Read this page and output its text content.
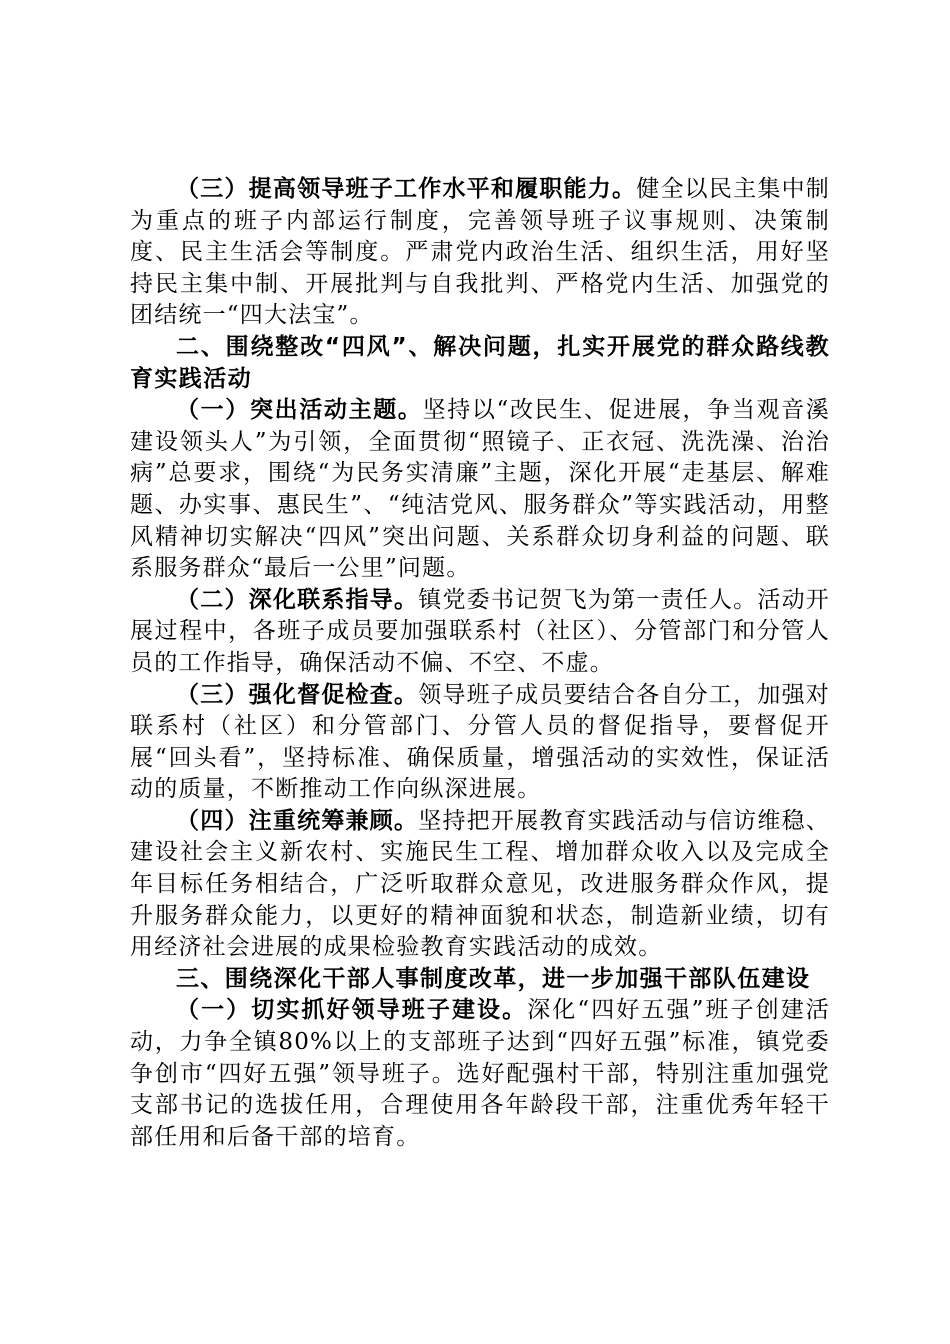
（三）提高领导班子工作水平和履职能力。健全以民主集中制为重点的班子内部运行制度，完善领导班子议事规则、决策制度、民主生活会等制度。严肃党内政治生活、组织生活，用好坚持民主集中制、开展批判与自我批判、严格党内生活、加强党的团结统一“四大法宝”。

二、围绕整改“四风”、解决问题，扎实开展党的群众路线教育实践活动

（一）突出活动主题。坚持以“改民生、促进展，争当观音溪建设领头人”为引领，全面贯彻“照镜子、正衣冠、洗洗澡、治治病”总要求，围绕“为民务实清廉”主题，深化开展“走基层、解难题、办实事、惠民生”、“纯洁党风、服务群众”等实践活动，用整风精神切实解决“四风”突出问题、关系群众切身利益的问题、联系服务群众“最后一公里”问题。

（二）深化联系指导。镇党委书记贺飞为第一责任人。活动开展过程中，各班子成员要加强联系村（社区）、分管部门和分管人员的工作指导，确保活动不偏、不空、不虚。

（三）强化督促检查。领导班子成员要结合各自分工，加强对联系村（社区）和分管部门、分管人员的督促指导，要督促开展“回头看”，坚持标准、确保质量，增强活动的实效性，保证活动的质量，不断推动工作向纵深进展。

（四）注重统筹兼顾。坚持把开展教育实践活动与信访维稳、建设社会主义新农村、实施民生工程、增加群众收入以及完成全年目标任务相结合，广泛听取群众意见，改进服务群众作风，提升服务群众能力，以更好的精神面貌和状态，制造新业绩，切有用经济社会进展的成果检验教育实践活动的成效。

三、围绕深化干部人事制度改革，进一步加强干部队伍建设

（一）切实抓好领导班子建设。深化“四好五强”班子创建活动，力争全镇80%以上的支部班子达到“四好五强”标准，镇党委争创市“四好五强”领导班子。选好配强村干部，特别注重加强党支部书记的选拔任用，合理使用各年龄段干部，注重优秀年轻干部任用和后备干部的培育。
